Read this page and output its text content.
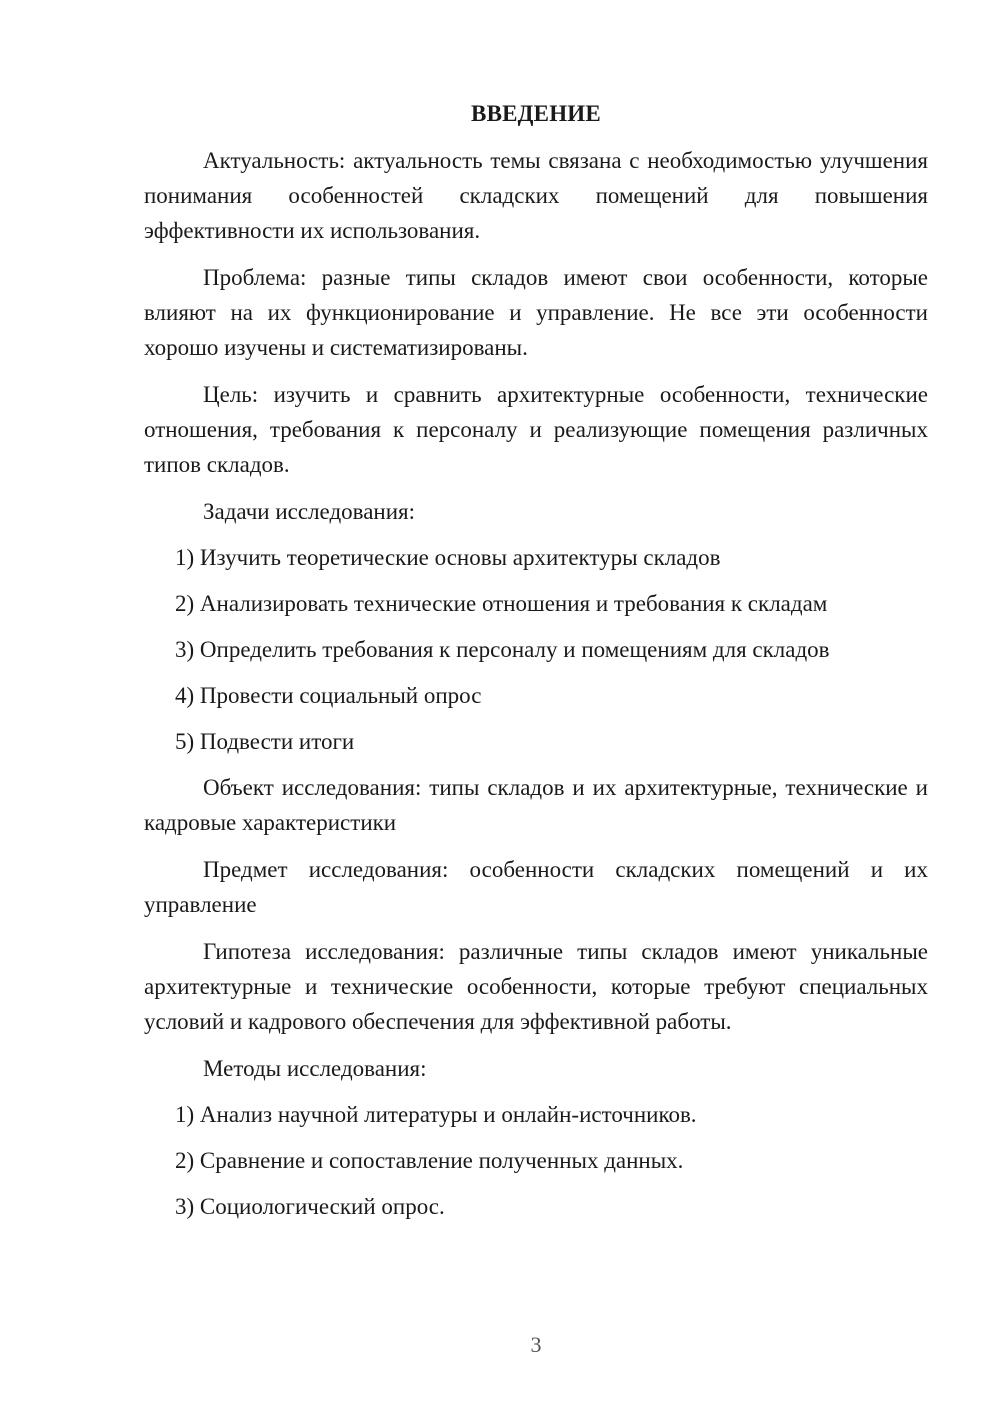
ВВЕДЕНИЕ
Актуальность: актуальность темы связана с необходимостью улучшения понимания особенностей складских помещений для повышения эффективности их использования.
Проблема: разные типы складов имеют свои особенности, которые влияют на их функционирование и управление. Не все эти особенности хорошо изучены и систематизированы.
Цель: изучить и сравнить архитектурные особенности, технические отношения, требования к персоналу и реализующие помещения различных типов складов.
Задачи исследования:
1) Изучить теоретические основы архитектуры складов
2) Анализировать технические отношения и требования к складам
3) Определить требования к персоналу и помещениям для складов
4) Провести социальный опрос
5) Подвести итоги
Объект исследования: типы складов и их архитектурные, технические и кадровые характеристики
Предмет исследования: особенности складских помещений и их управление
Гипотеза исследования: различные типы складов имеют уникальные архитектурные и технические особенности, которые требуют специальных условий и кадрового обеспечения для эффективной работы.
Методы исследования:
1) Анализ научной литературы и онлайн-источников.
2) Сравнение и сопоставление полученных данных.
3) Социологический опрос.
3
